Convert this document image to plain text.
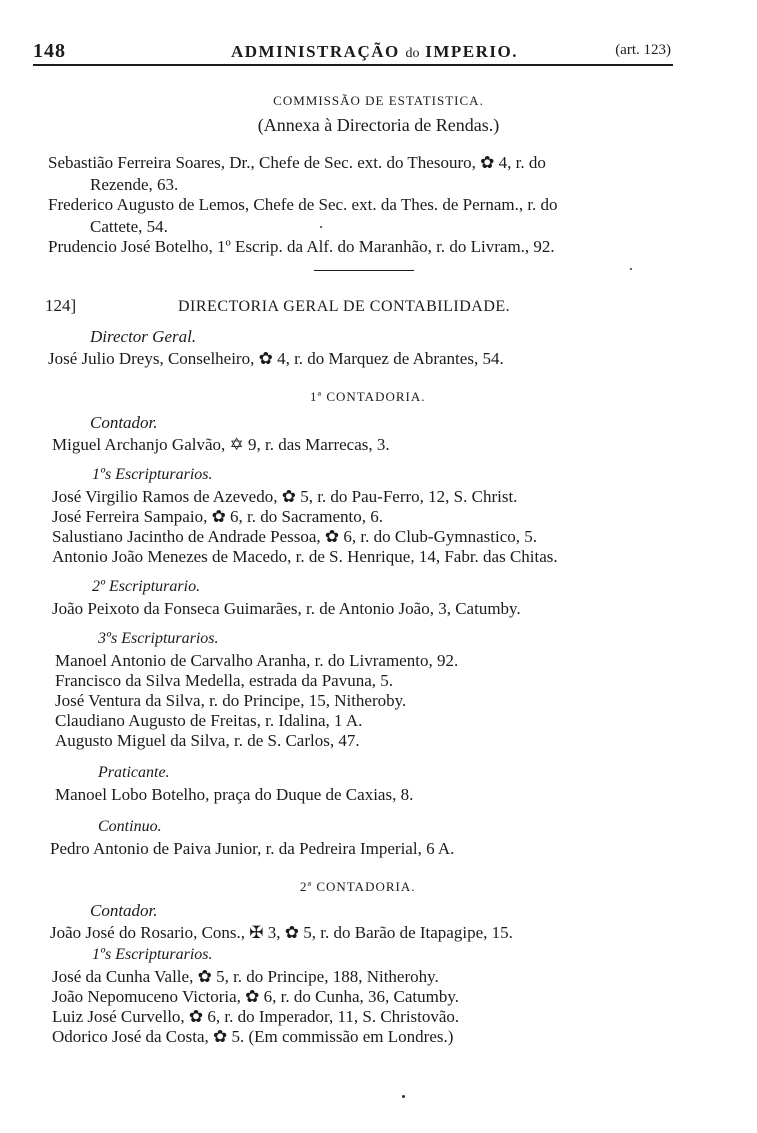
148	ADMINISTRAÇÃO do IMPERIO.	(art. 123)
COMMISSÃO DE ESTATISTICA.
(Annexa à Directoria de Rendas.)
Sebastião Ferreira Soares, Dr., Chefe de Sec. ext. do Thesouro, ✿ 4, r. do
Rezende, 63.
Frederico Augusto de Lemos, Chefe de Sec. ext. da Thes. de Pernam., r. do
Cattete, 54.
Prudencio José Botelho, 1º Escrip. da Alf. do Maranhão, r. do Livram., 92.
124]	DIRECTORIA GERAL DE CONTABILIDADE.
Director Geral.
José Julio Dreys, Conselheiro, ✿ 4, r. do Marquez de Abrantes, 54.
1ª CONTADORIA.
Contador.
Miguel Archanjo Galvão, ✡ 9, r. das Marrecas, 3.
1ºs Escripturarios.
José Virgilio Ramos de Azevedo, ✿ 5, r. do Pau-Ferro, 12, S. Christ.
José Ferreira Sampaio, ✿ 6, r. do Sacramento, 6.
Salustiano Jacintho de Andrade Pessoa, ✿ 6, r. do Club-Gymnastico, 5.
Antonio João Menezes de Macedo, r. de S. Henrique, 14, Fabr. das Chitas.
2º Escripturario.
João Peixoto da Fonseca Guimarães, r. de Antonio João, 3, Catumby.
3ºs Escripturarios.
Manoel Antonio de Carvalho Aranha, r. do Livramento, 92.
Francisco da Silva Medella, estrada da Pavuna, 5.
José Ventura da Silva, r. do Principe, 15, Nitheroby.
Claudiano Augusto de Freitas, r. Idalina, 1 A.
Augusto Miguel da Silva, r. de S. Carlos, 47.
Praticante.
Manoel Lobo Botelho, praça do Duque de Caxias, 8.
Continuo.
Pedro Antonio de Paiva Junior, r. da Pedreira Imperial, 6 A.
2ª CONTADORIA.
Contador.
João José do Rosario, Cons., ✠ 3, ✿ 5, r. do Barão de Itapagipe, 15.
1ºs Escripturarios.
José da Cunha Valle, ✿ 5, r. do Principe, 188, Nitherohy.
João Nepomuceno Victoria, ✿ 6, r. do Cunha, 36, Catumby.
Luiz José Curvello, ✿ 6, r. do Imperador, 11, S. Christovão.
Odorico José da Costa, ✿ 5. (Em commissão em Londres.)
